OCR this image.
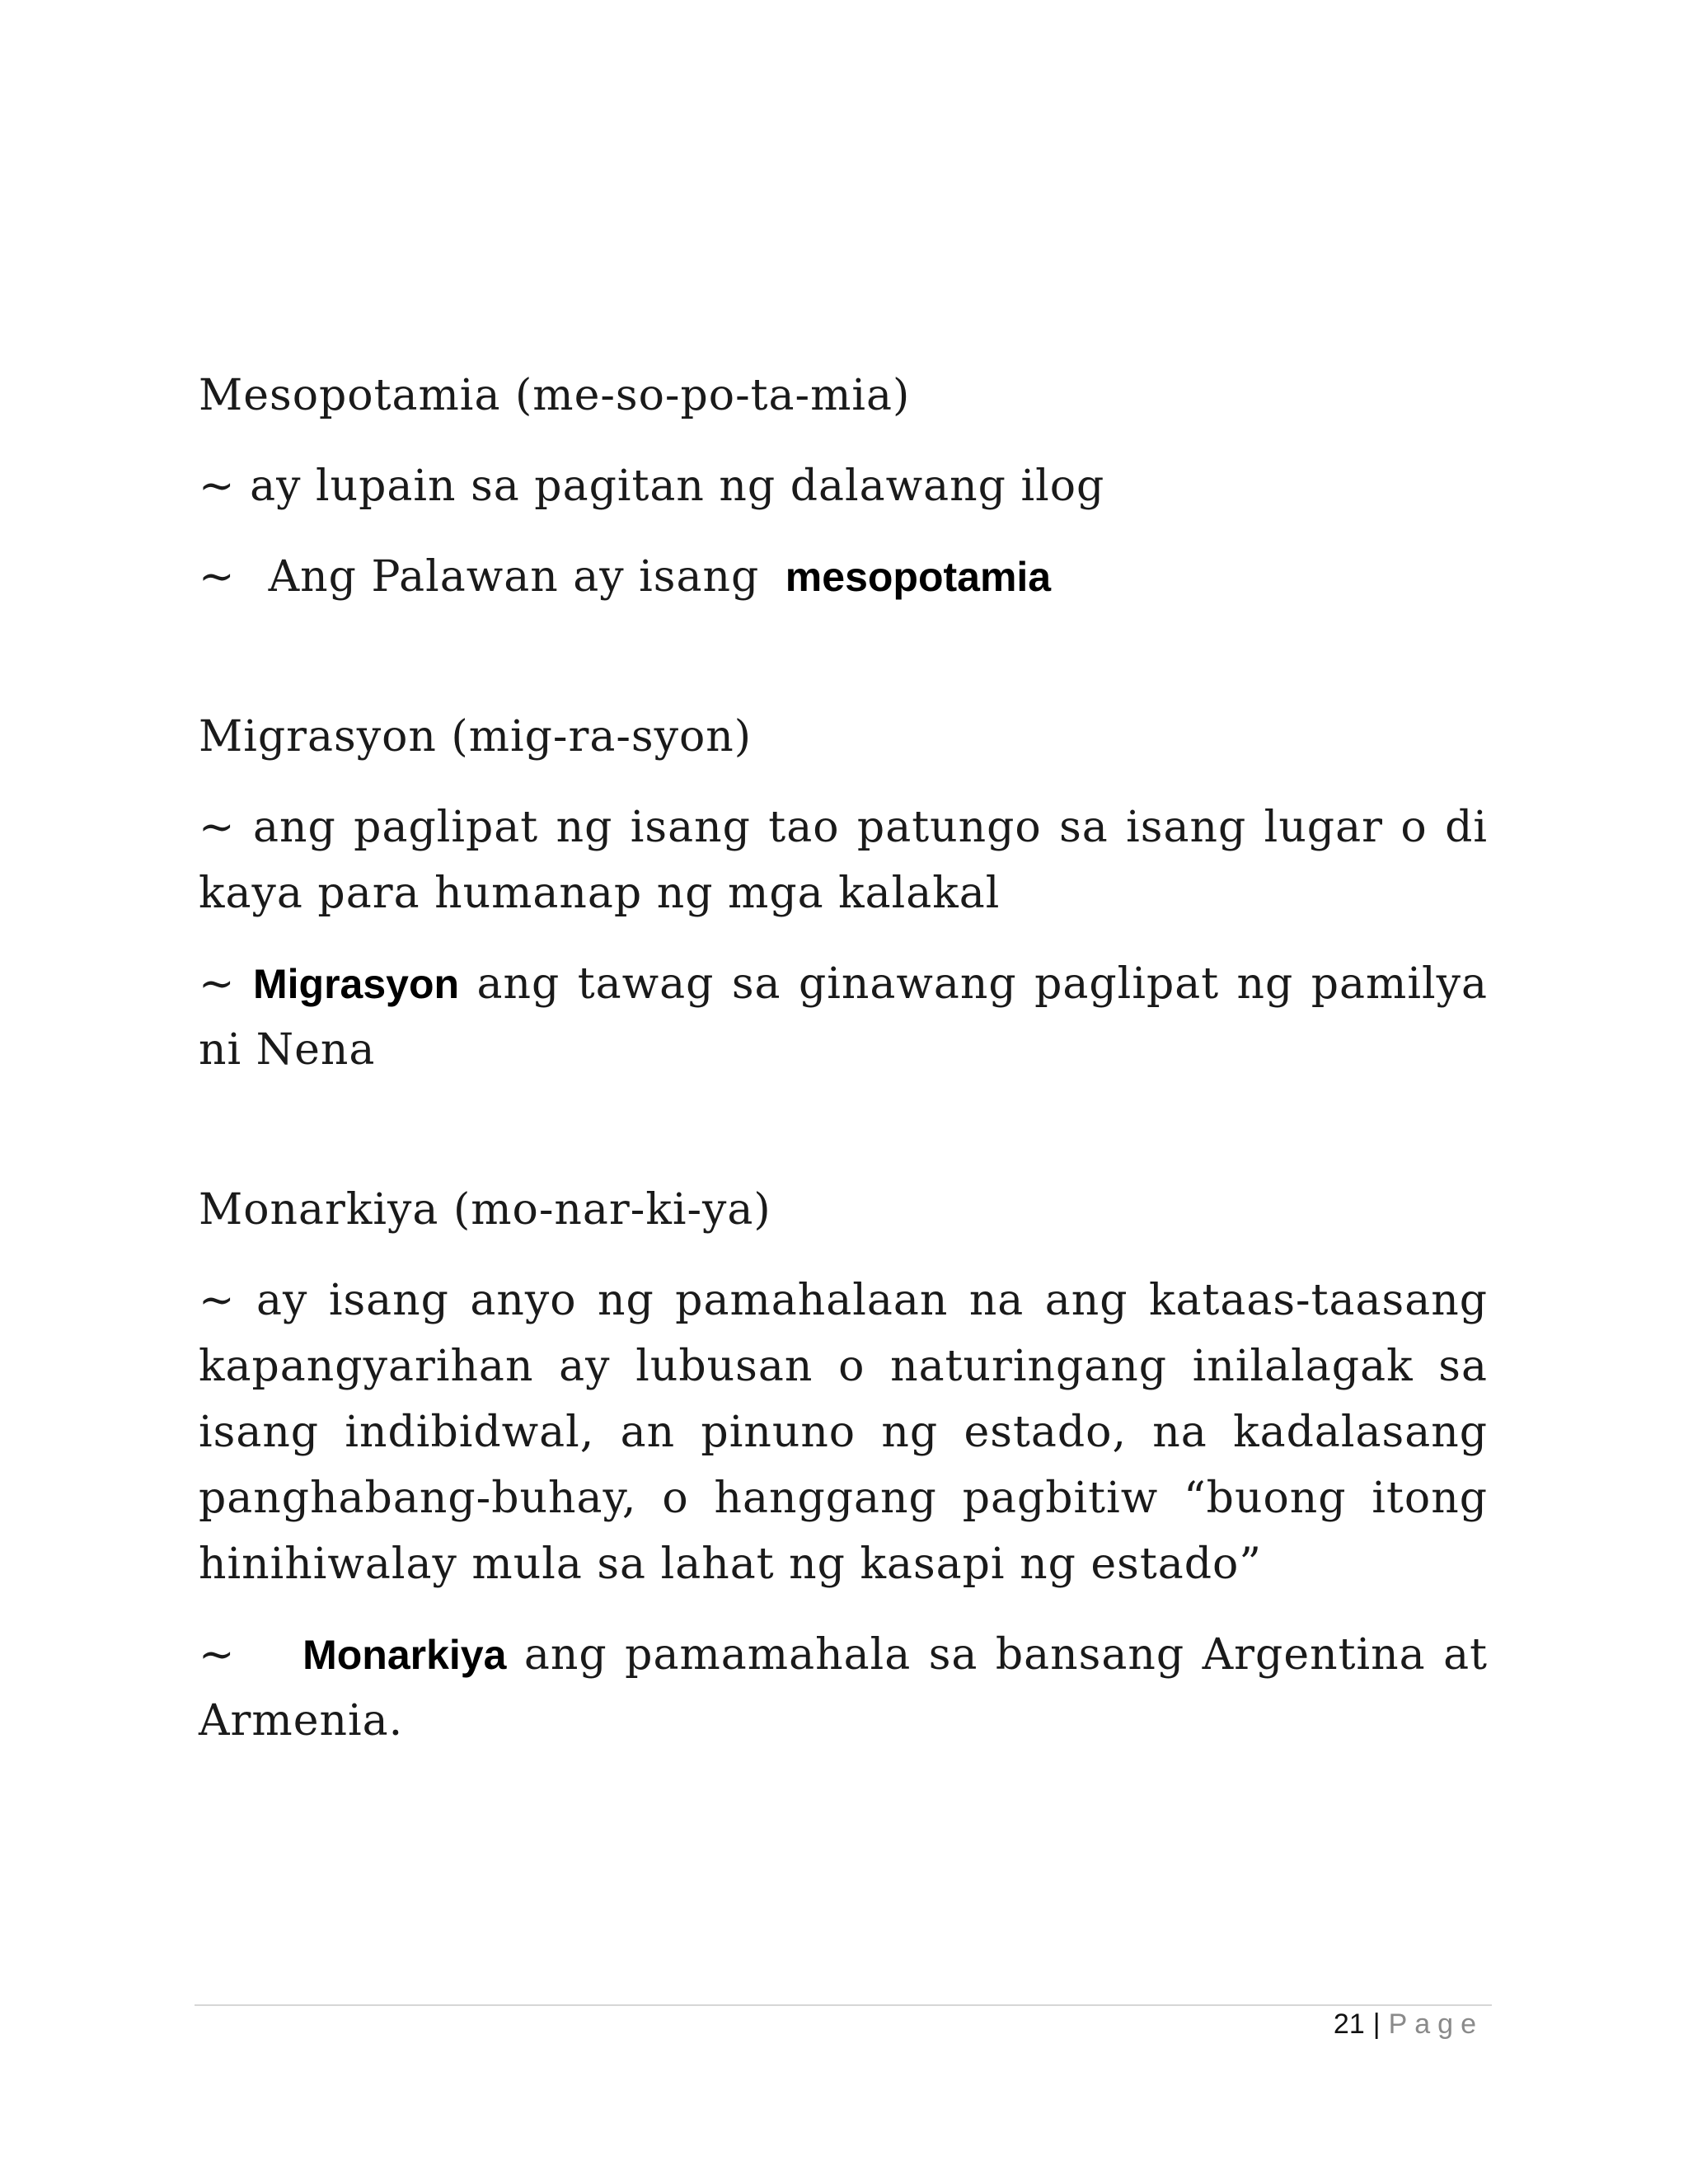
Mesopotamia (me-so-po-ta-mia)

~ ay lupain sa pagitan ng dalawang ilog

~ Ang Palawan ay isang mesopotamia

Migrasyon (mig-ra-syon)

~ ang paglipat ng isang tao patungo sa isang lugar o di kaya para humanap ng mga kalakal

~ Migrasyon ang tawag sa ginawang paglipat ng pamilya ni Nena

Monarkiya (mo-nar-ki-ya)

~ ay isang anyo ng pamahalaan na ang kataas-taasang kapangyarihan ay lubusan o naturingang inilalagak sa isang indibidwal, an pinuno ng estado, na kadalasang panghabang-buhay, o hanggang pagbitiw “buong itong hinihiwalay mula sa lahat ng kasapi ng estado”

~ Monarkiya ang pamamahala sa bansang Argentina at Armenia.

21 | Page
